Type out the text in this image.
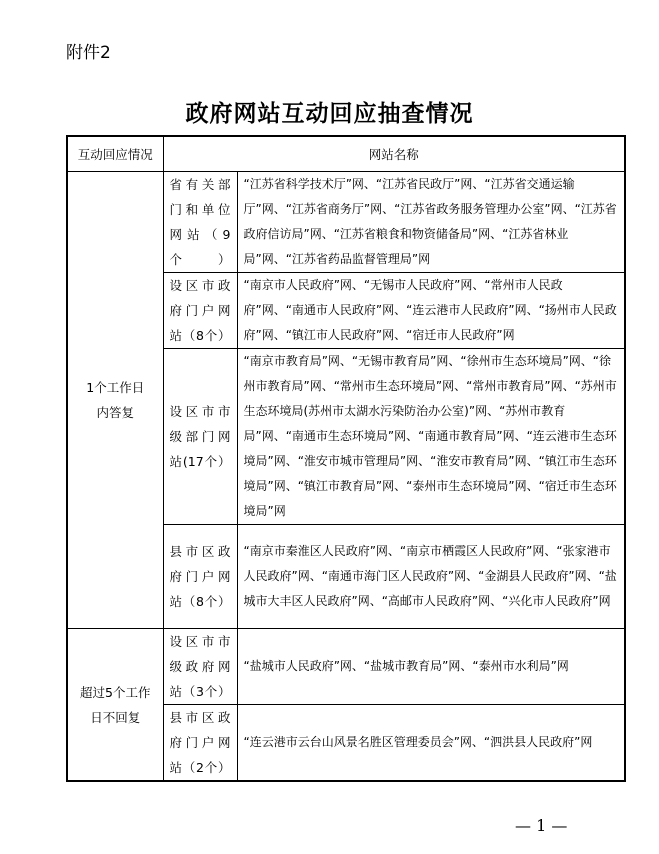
附件2
政府网站互动回应抽查情况
互动回应情况	网站名称	

1个工作日内答复	省有关部门和单位网站（9个）	“江苏省科学技术厅”网、“江苏省民政厅”网、“江苏省交通运输厅”网、“江苏省商务厅”网、“江苏省政务服务管理办公室”网、“江苏省政府信访局”网、“江苏省粮食和物资储备局”网、“江苏省林业局”网、“江苏省药品监督管理局”网
	设区市政府门户网站（8个）	“南京市人民政府”网、“无锡市人民政府”网、“常州市人民政府”网、“南通市人民政府”网、“连云港市人民政府”网、“扬州市人民政府”网、“镇江市人民政府”网、“宿迁市人民政府”网
	设区市市级部门网站(17个）	“南京市教育局”网、“无锡市教育局”网、“徐州市生态环境局”网、“徐州市教育局”网、“常州市生态环境局”网、“常州市教育局”网、“苏州市生态环境局(苏州市太湖水污染防治办公室)”网、“苏州市教育局”网、“南通市生态环境局”网、“南通市教育局”网、“连云港市生态环境局”网、“淮安市城市管理局”网、“淮安市教育局”网、“镇江市生态环境局”网、“镇江市教育局”网、“泰州市生态环境局”网、“宿迁市生态环境局”网
	县市区政府门户网站（8个）	“南京市秦淮区人民政府”网、“南京市栖霞区人民政府”网、“张家港市人民政府”网、“南通市海门区人民政府”网、“金湖县人民政府”网、“盐城市大丰区人民政府”网、“高邮市人民政府”网、“兴化市人民政府”网

超过5个工作日不回复	设区市市级政府网站（3个）	“盐城市人民政府”网、“盐城市教育局”网、“泰州市水利局”网
	县市区政府门户网站（2个）	“连云港市云台山风景名胜区管理委员会”网、“泗洪县人民政府”网
— 1 —
